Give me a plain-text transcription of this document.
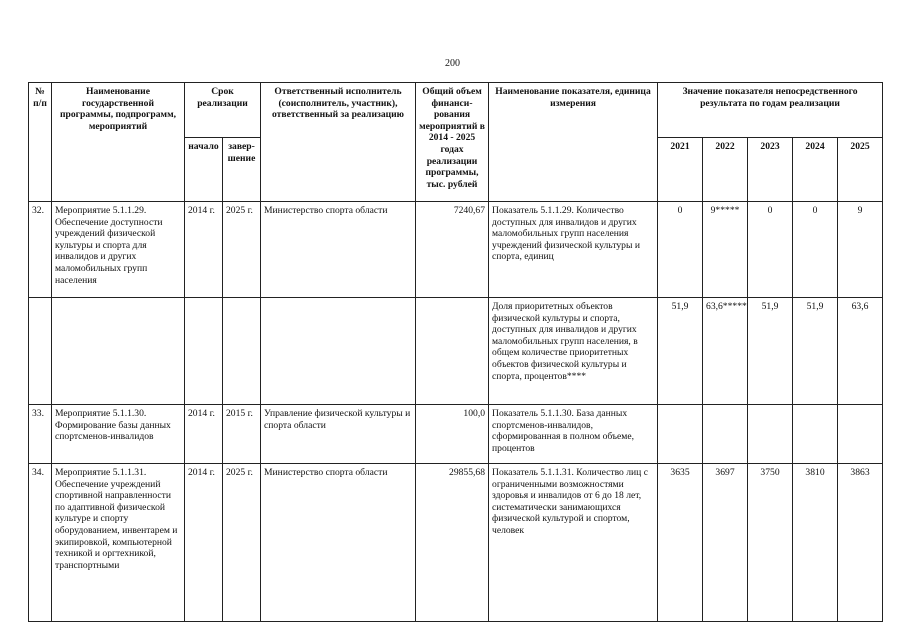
200
№ п/п	Наименование государственной программы, подпрограмм, мероприятий	Срок реализации		Ответственный исполнитель (соисполнитель, участник), ответственный за реализацию	Общий объем финанси-рования мероприятий в 2014 - 2025 годах реализации программы, тыс. рублей	Наименование показателя, единица измерения	Значение показателя непосредственного результата по годам реализации				
		начало	завер-шение				2021	2022	2023	2024	2025
32.	Мероприятие 5.1.1.29. Обеспечение доступности учреждений физической культуры и спорта для инвалидов и других маломобильных групп населения	2014 г.	2025 г.	Министерство спорта области	7240,67	Показатель 5.1.1.29. Количество доступных для инвалидов и других маломобильных групп населения учреждений физической культуры и спорта, единиц	0	9*****	0	0	9
						Доля приоритетных объектов физической культуры и спорта, доступных для инвалидов и других маломобильных групп населения, в общем количестве приоритетных объектов физической культуры и спорта, процентов****	51,9	63,6*****	51,9	51,9	63,6
33.	Мероприятие 5.1.1.30. Формирование базы данных спортсменов-инвалидов	2014 г.	2015 г.	Управление физической культуры и спорта области	100,0	Показатель 5.1.1.30. База данных спортсменов-инвалидов, сформированная в полном объеме, процентов					
34.	Мероприятие 5.1.1.31. Обеспечение учреждений спортивной направленности по адаптивной физической культуре и спорту оборудованием, инвентарем и экипировкой, компьютерной техникой и оргтехникой, транспортными	2014 г.	2025 г.	Министерство спорта области	29855,68	Показатель 5.1.1.31. Количество лиц с ограниченными возможностями здоровья и инвалидов от 6 до 18 лет, систематически занимающихся физической культурой и спортом, человек	3635	3697	3750	3810	3863
